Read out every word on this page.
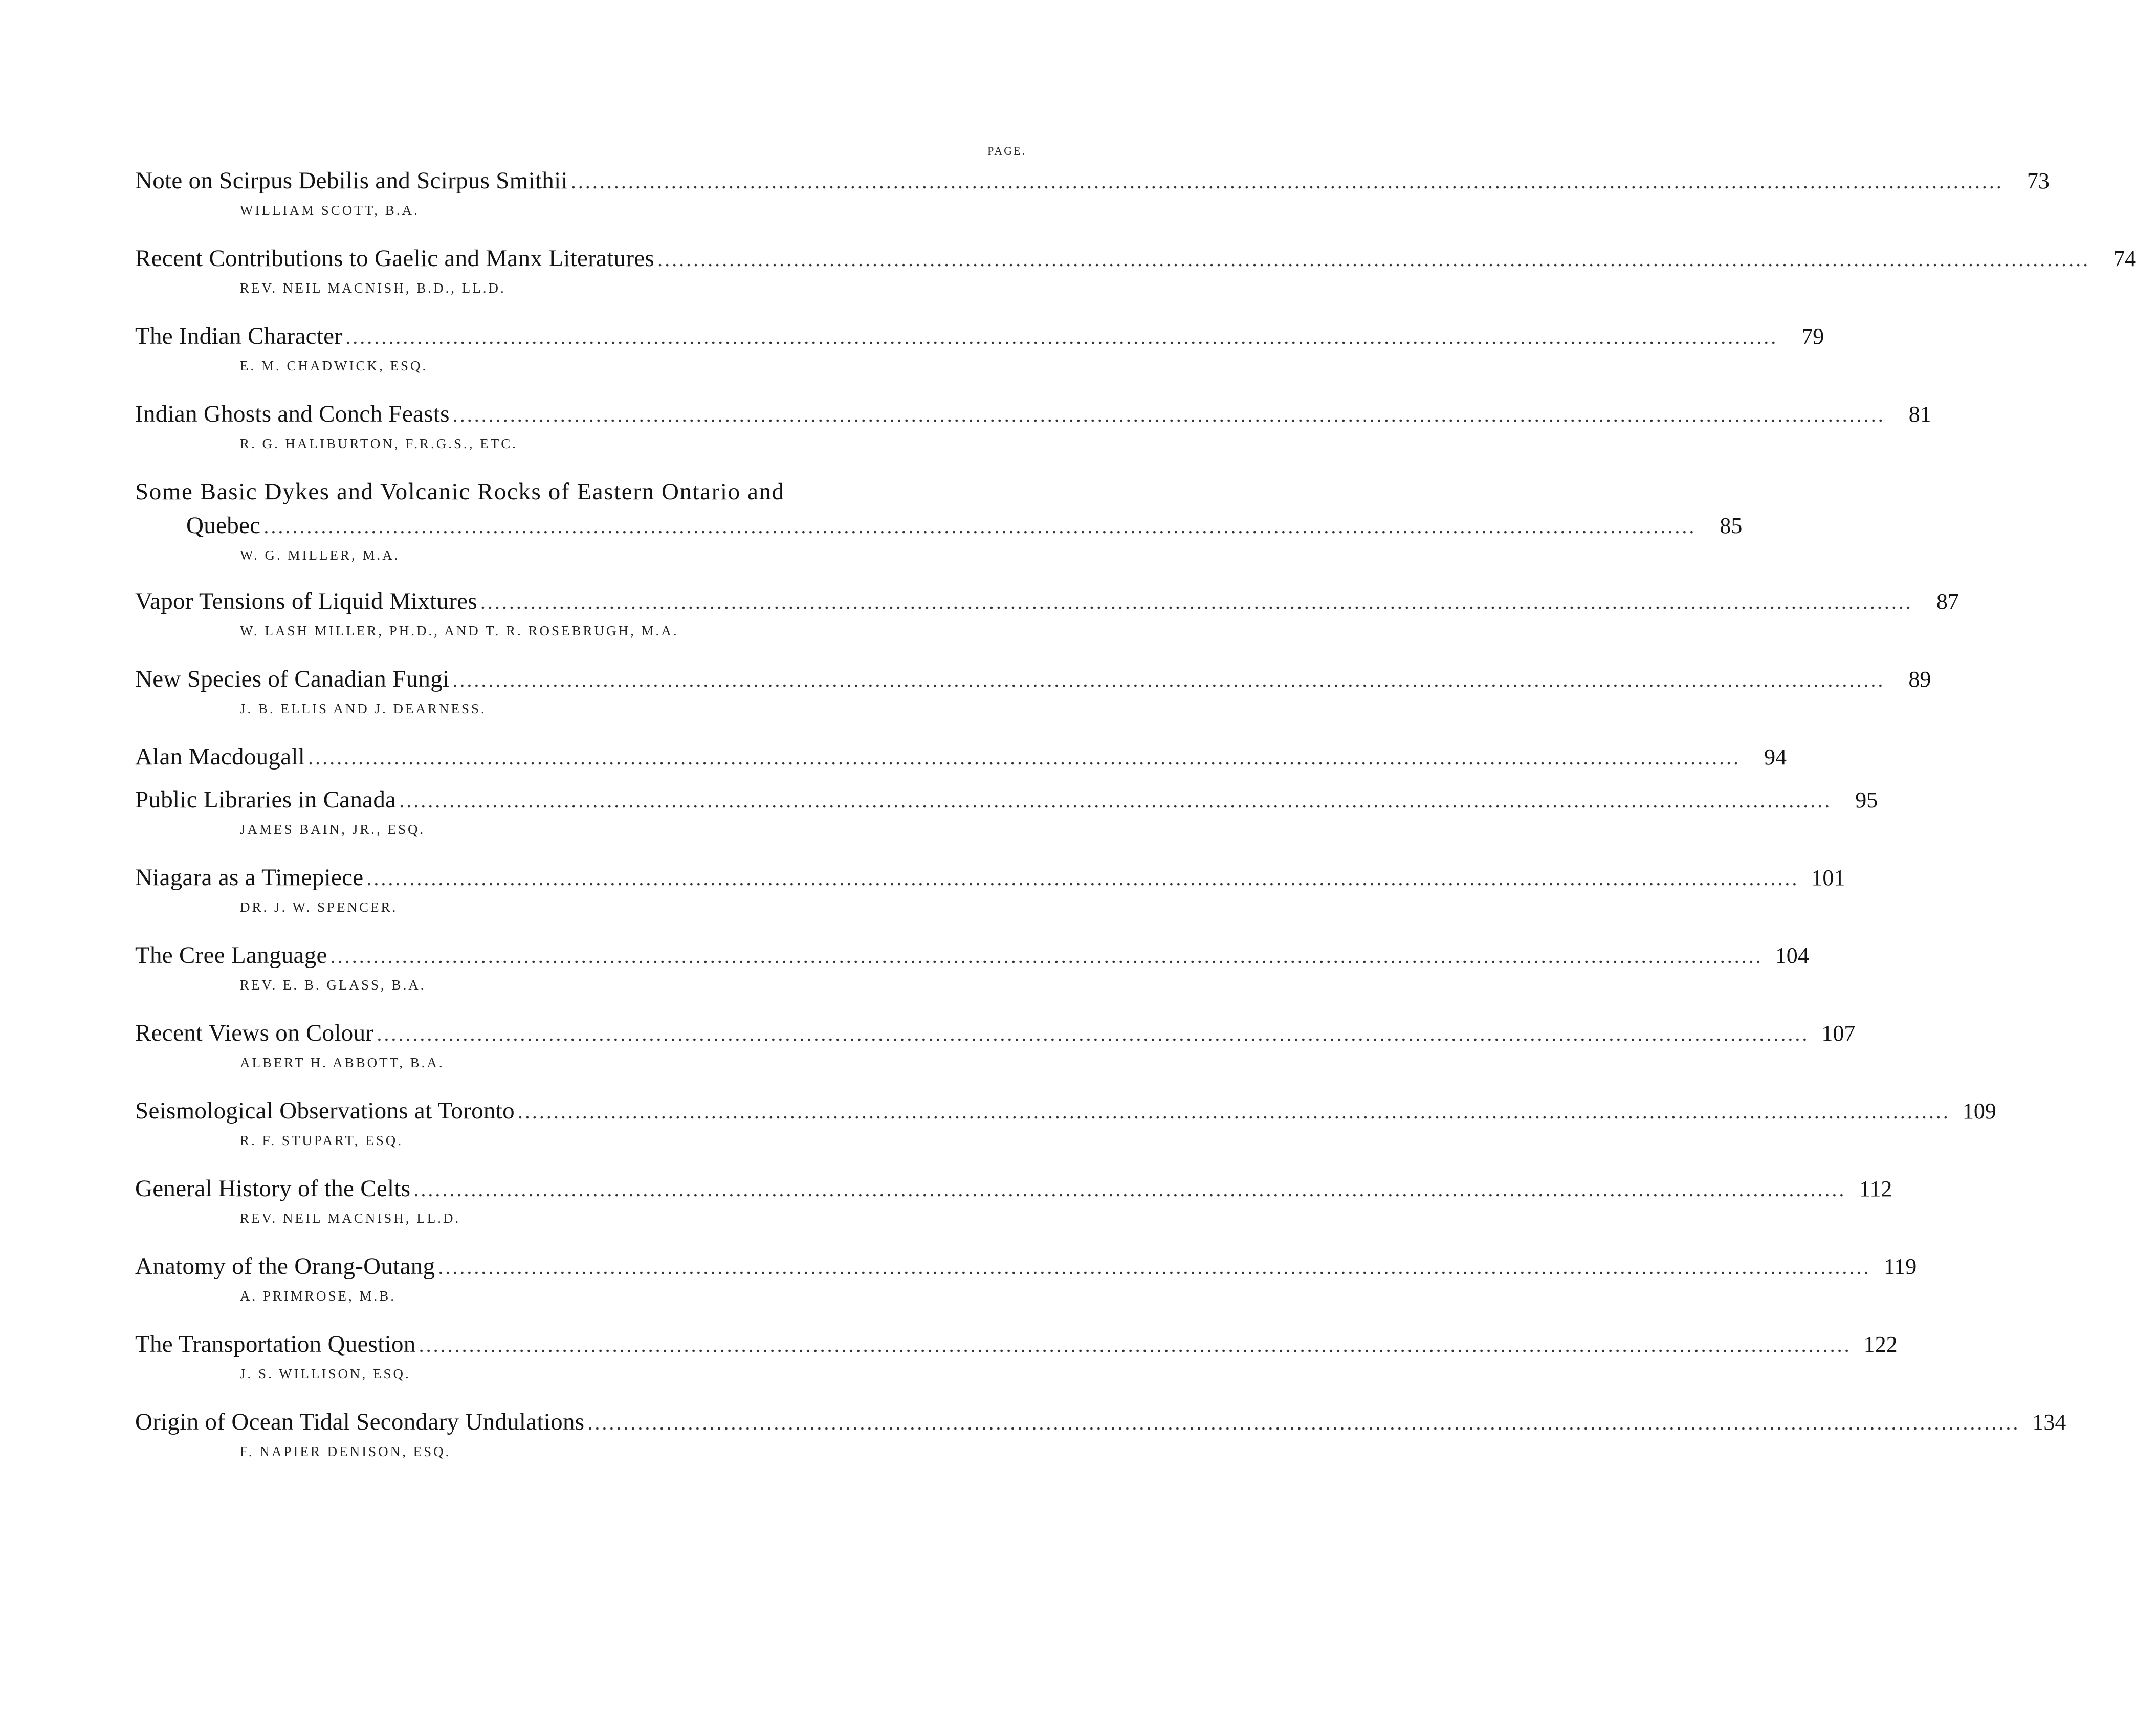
PAGE.
Note on Scirpus Debilis and Scirpus Smithii ........................................................................................................................................................................................................	73
WILLIAM SCOTT, B.A.
Recent Contributions to Gaelic and Manx Literatures ........................................................................................................................................................................................................	74
REV. NEIL MACNISH, B.D., LL.D.
The Indian Character ........................................................................................................................................................................................................	79
E. M. CHADWICK, ESQ.
Indian Ghosts and Conch Feasts ........................................................................................................................................................................................................	81
R. G. HALIBURTON, F.R.G.S., ETC.
Some Basic Dykes and Volcanic Rocks of Eastern Ontario and
Quebec ........................................................................................................................................................................................................	85
W. G. MILLER, M.A.
Vapor Tensions of Liquid Mixtures ........................................................................................................................................................................................................	87
W. LASH MILLER, PH.D., AND T. R. ROSEBRUGH, M.A.
New Species of Canadian Fungi ........................................................................................................................................................................................................	89
J. B. ELLIS AND J. DEARNESS.
Alan Macdougall ........................................................................................................................................................................................................	94
Public Libraries in Canada ........................................................................................................................................................................................................	95
JAMES BAIN, JR., ESQ.
Niagara as a Timepiece ........................................................................................................................................................................................................ 101
DR. J. W. SPENCER.
The Cree Language ........................................................................................................................................................................................................ 104
REV. E. B. GLASS, B.A.
Recent Views on Colour ........................................................................................................................................................................................................ 107
ALBERT H. ABBOTT, B.A.
Seismological Observations at Toronto ........................................................................................................................................................................................................ 109
R. F. STUPART, ESQ.
General History of the Celts ........................................................................................................................................................................................................ 112
REV. NEIL MACNISH, LL.D.
Anatomy of the Orang-Outang ........................................................................................................................................................................................................ 119
A. PRIMROSE, M.B.
The Transportation Question ........................................................................................................................................................................................................ 122
J. S. WILLISON, ESQ.
Origin of Ocean Tidal Secondary Undulations ........................................................................................................................................................................................................ 134
F. NAPIER DENISON, ESQ.
